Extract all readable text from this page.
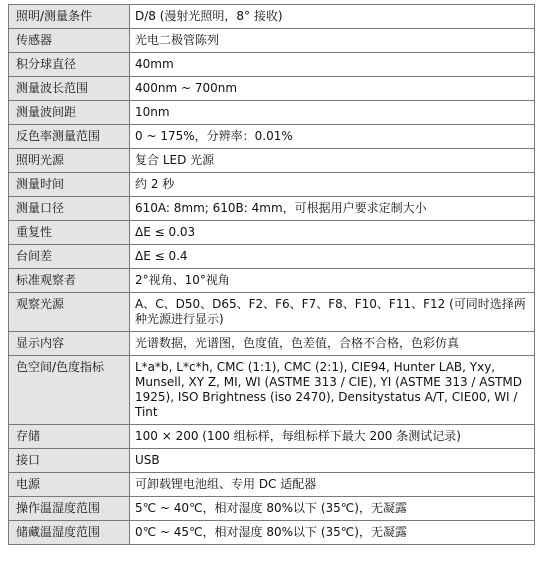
照明/测量条件	D/8 (漫射光照明，8° 接收)
传感器	光电二极管陈列
积分球直径	40mm
测量波长范围	400nm ~ 700nm
测量波间距	10nm
反色率测量范围	0 ~ 175%，分辨率：0.01%
照明光源	复合 LED 光源
测量时间	约 2 秒
测量口径	610A: 8mm; 610B: 4mm，可根据用户要求定制大小
重复性	ΔE ≤ 0.03
台间差	ΔE ≤ 0.4
标准观察者	2°视角、10°视角
观察光源	A、C、D50、D65、F2、F6、F7、F8、F10、F11、F12 (可同时选择两种光源进行显示)
显示内容	光谱数据，光谱图，色度值，色差值，合格不合格，色彩仿真
色空间/色度指标	L*a*b, L*c*h, CMC (1:1), CMC (2:1), CIE94, Hunter LAB, Yxy, Munsell, XY Z, MI, WI (ASTME 313 / CIE), YI (ASTME 313 / ASTMD 1925), ISO Brightness (iso 2470), Densitystatus A/T, CIE00, WI / Tint
存储	100 × 200 (100 组标样，每组标样下最大 200 条测试记录)
接口	USB
电源	可卸载锂电池组、专用 DC 适配器
操作温湿度范围	5℃ ~ 40℃，相对湿度 80%以下 (35℃)，无凝露
储藏温湿度范围	0℃ ~ 45℃，相对湿度 80%以下 (35℃)，无凝露
